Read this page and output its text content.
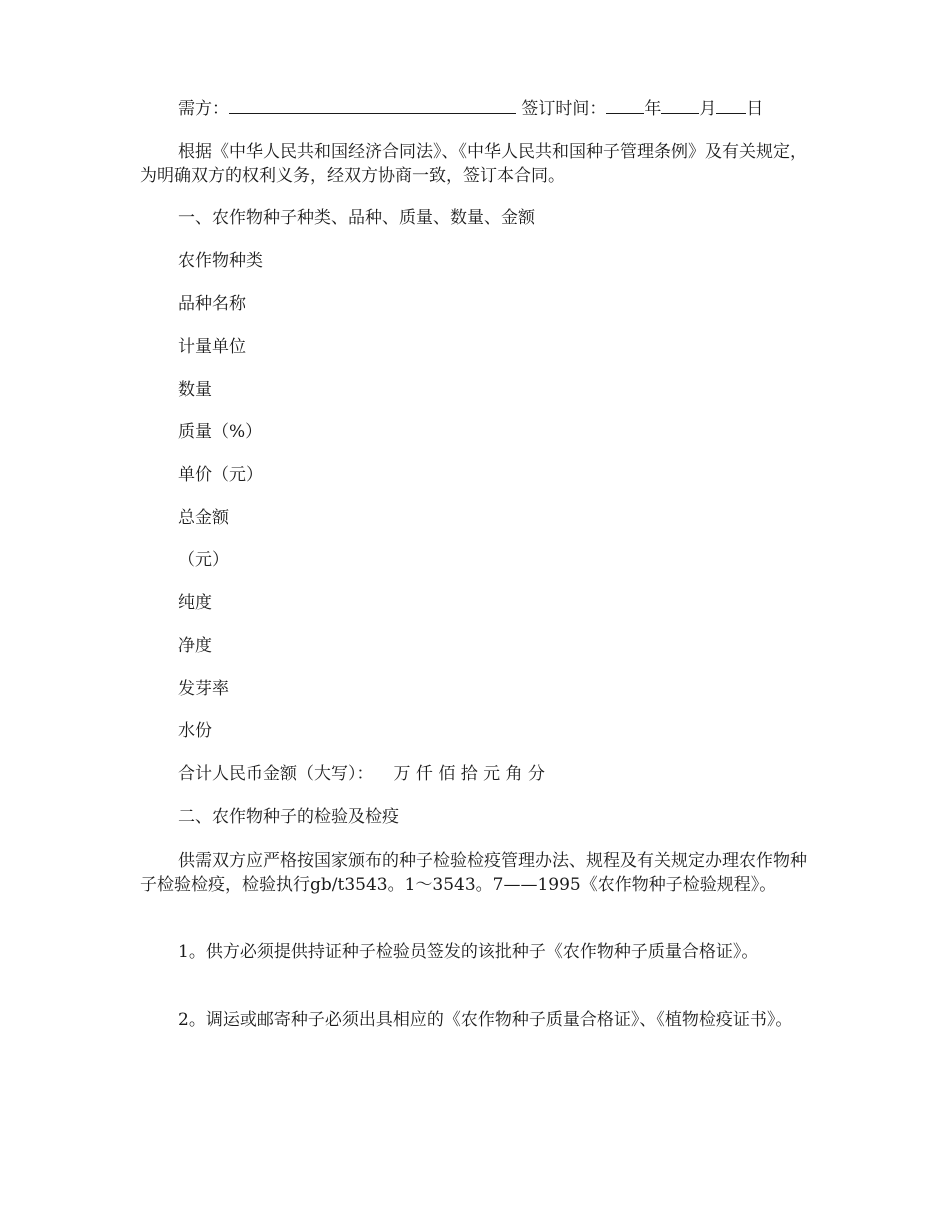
需方：	签订时间： 年 月 日

根据《中华人民共和国经济合同法》、《中华人民共和国种子管理条例》及有关规定，为明确双方的权利义务，经双方协商一致，签订本合同。

一、农作物种子种类、品种、质量、数量、金额

农作物种类

品种名称

计量单位

数量

质量（%）

单价（元）

总金额

（元）

纯度

净度

发芽率

水份

合计人民币金额（大写）： 万 仟 佰 拾 元 角 分

二、农作物种子的检验及检疫

供需双方应严格按国家颁布的种子检验检疫管理办法、规程及有关规定办理农作物种子检验检疫，检验执行gb/t3543。1～3543。7——1995《农作物种子检验规程》。

1。供方必须提供持证种子检验员签发的该批种子《农作物种子质量合格证》。

2。调运或邮寄种子必须出具相应的《农作物种子质量合格证》、《植物检疫证书》。
